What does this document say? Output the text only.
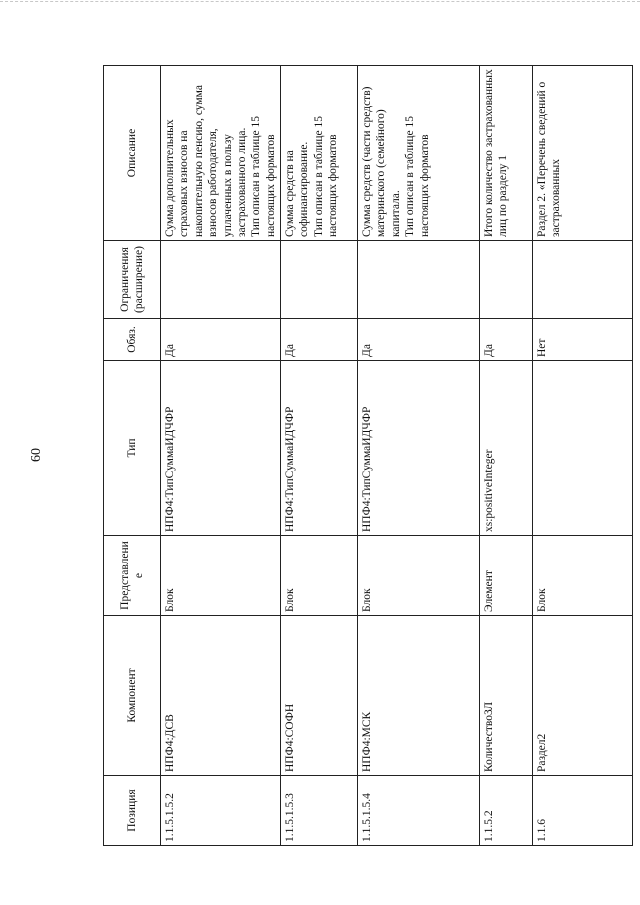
60
Позиция	Компонент	Представление	Тип	Обяз.	Ограничения (расширение)	Описание
1.1.5.1.5.2	НПФ4:ДСВ	Блок	НПФ4:ТипСуммаИДЧФР	Да		Сумма дополнительных страховых взносов на накопительную пенсию, сумма взносов работодателя, уплаченных в пользу застрахованного лица. Тип описан в таблице 15 настоящих форматов

1.1.5.1.5.3	НПФ4:СОФН	Блок	НПФ4:ТипСуммаИДЧФР	Да		Сумма средств на софинансирование. Тип описан в таблице 15 настоящих форматов

1.1.5.1.5.4	НПФ4:МСК	Блок	НПФ4:ТипСуммаИДЧФР	Да		Сумма средств (части средств) материнского (семейного) капитала. Тип описан в таблице 15 настоящих форматов

1.1.5.2	КоличествоЗЛ	Элемент	xs:positiveInteger	Да		Итого количество застрахованных лиц по разделу 1

1.1.6	Раздел2	Блок		Нет		Раздел 2. «Перечень сведений о застрахованных
